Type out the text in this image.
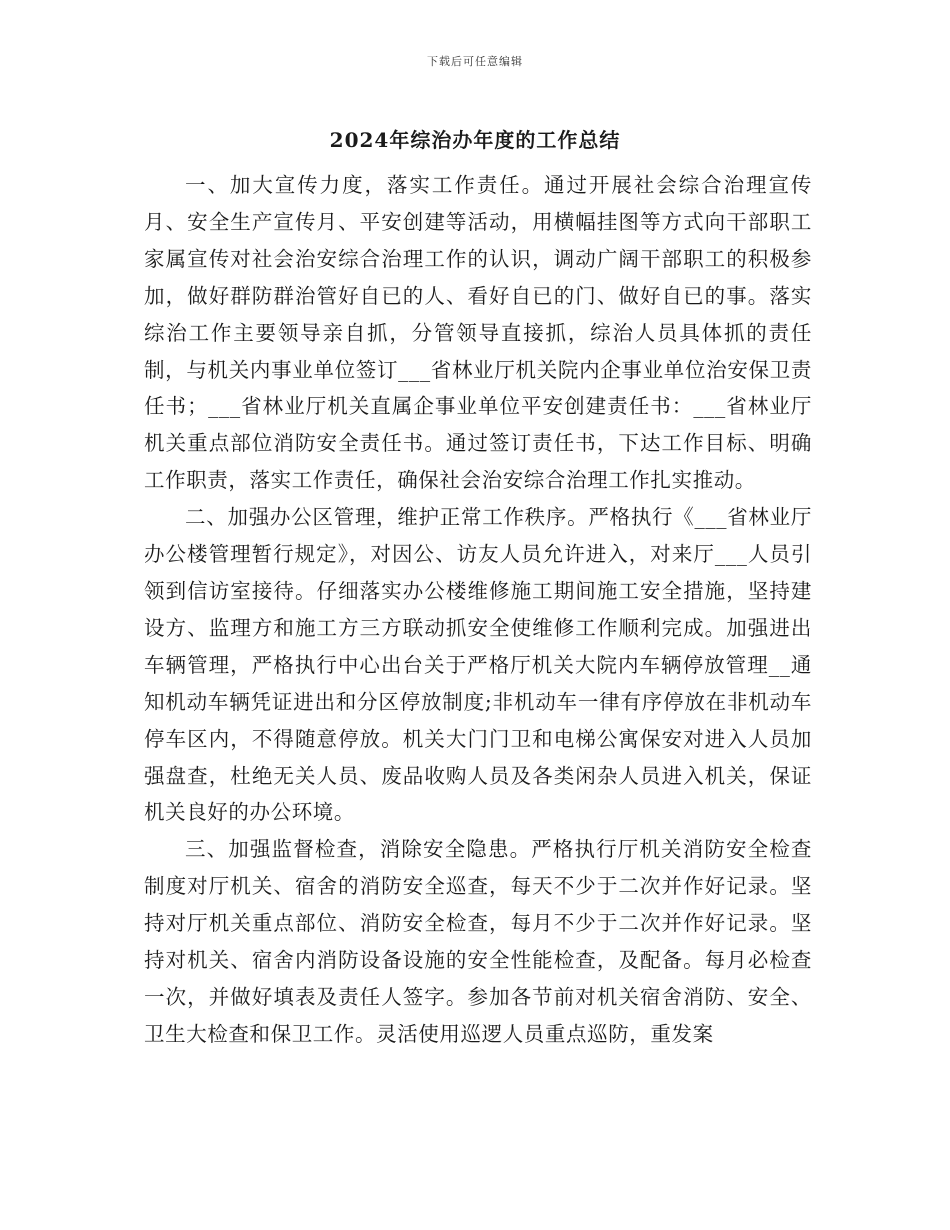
下载后可任意编辑
2024年综治办年度的工作总结

一、加大宣传力度，落实工作责任。通过开展社会综合治理宣传月、安全生产宣传月、平安创建等活动，用横幅挂图等方式向干部职工家属宣传对社会治安综合治理工作的认识，调动广阔干部职工的积极参加，做好群防群治管好自已的人、看好自已的门、做好自已的事。落实综治工作主要领导亲自抓，分管领导直接抓，综治人员具体抓的责任制，与机关内事业单位签订___省林业厅机关院内企事业单位治安保卫责任书；___省林业厅机关直属企事业单位平安创建责任书：___省林业厅机关重点部位消防安全责任书。通过签订责任书，下达工作目标、明确工作职责，落实工作责任，确保社会治安综合治理工作扎实推动。

二、加强办公区管理，维护正常工作秩序。严格执行《___省林业厅办公楼管理暂行规定》，对因公、访友人员允许进入，对来厅___人员引领到信访室接待。仔细落实办公楼维修施工期间施工安全措施，坚持建设方、监理方和施工方三方联动抓安全使维修工作顺利完成。加强进出车辆管理，严格执行中心出台关于严格厅机关大院内车辆停放管理__通知机动车辆凭证进出和分区停放制度;非机动车一律有序停放在非机动车停车区内，不得随意停放。机关大门门卫和电梯公寓保安对进入人员加强盘查，杜绝无关人员、废品收购人员及各类闲杂人员进入机关，保证机关良好的办公环境。

三、加强监督检查，消除安全隐患。严格执行厅机关消防安全检查制度对厅机关、宿舍的消防安全巡查，每天不少于二次并作好记录。坚持对厅机关重点部位、消防安全检查，每月不少于二次并作好记录。坚持对机关、宿舍内消防设备设施的安全性能检查，及配备。每月必检查一次，并做好填表及责任人签字。参加各节前对机关宿舍消防、安全、卫生大检查和保卫工作。灵活使用巡逻人员重点巡防，重发案
